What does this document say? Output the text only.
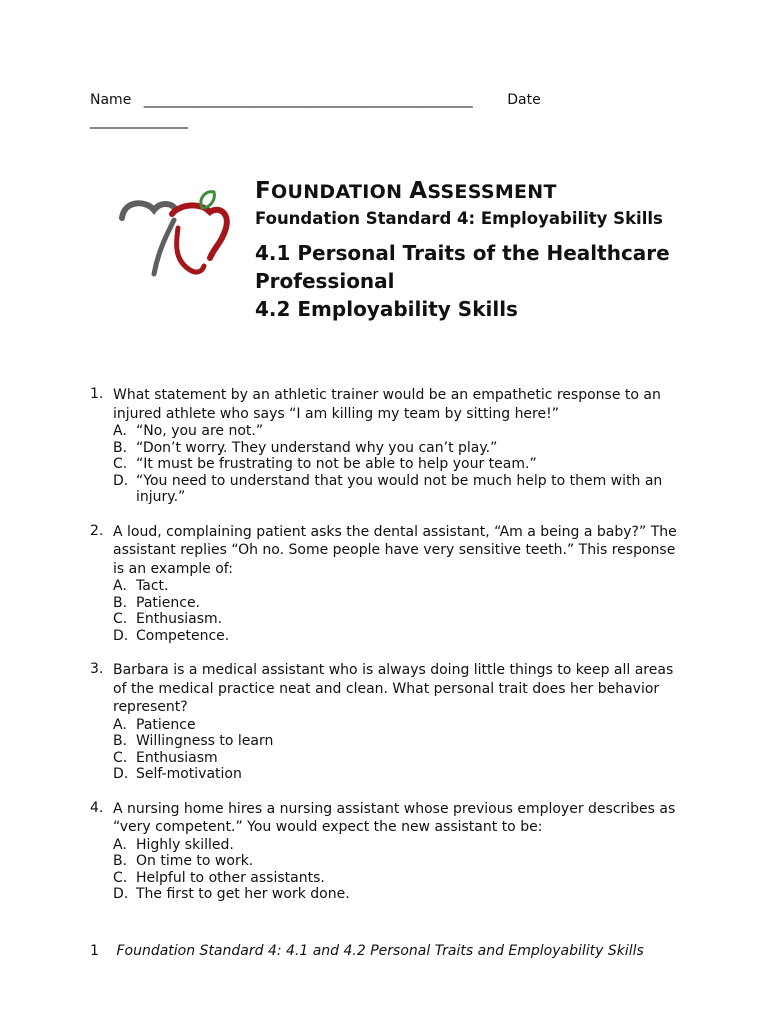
Name _______________________________________________ Date
______________
FOUNDATION ASSESSMENT
Foundation Standard 4: Employability Skills
4.1 Personal Traits of the Healthcare Professional
4.2 Employability Skills
1. What statement by an athletic trainer would be an empathetic response to an injured athlete who says “I am killing my team by sitting here!”
A. “No, you are not.”
B. “Don’t worry. They understand why you can’t play.”
C. “It must be frustrating to not be able to help your team.”
D. “You need to understand that you would not be much help to them with an injury.”
2. A loud, complaining patient asks the dental assistant, “Am a being a baby?” The assistant replies “Oh no. Some people have very sensitive teeth.” This response is an example of:
A. Tact.
B. Patience.
C. Enthusiasm.
D. Competence.
3. Barbara is a medical assistant who is always doing little things to keep all areas of the medical practice neat and clean. What personal trait does her behavior represent?
A. Patience
B. Willingness to learn
C. Enthusiasm
D. Self-motivation
4. A nursing home hires a nursing assistant whose previous employer describes as “very competent.” You would expect the new assistant to be:
A. Highly skilled.
B. On time to work.
C. Helpful to other assistants.
D. The first to get her work done.
1 Foundation Standard 4: 4.1 and 4.2 Personal Traits and Employability Skills
